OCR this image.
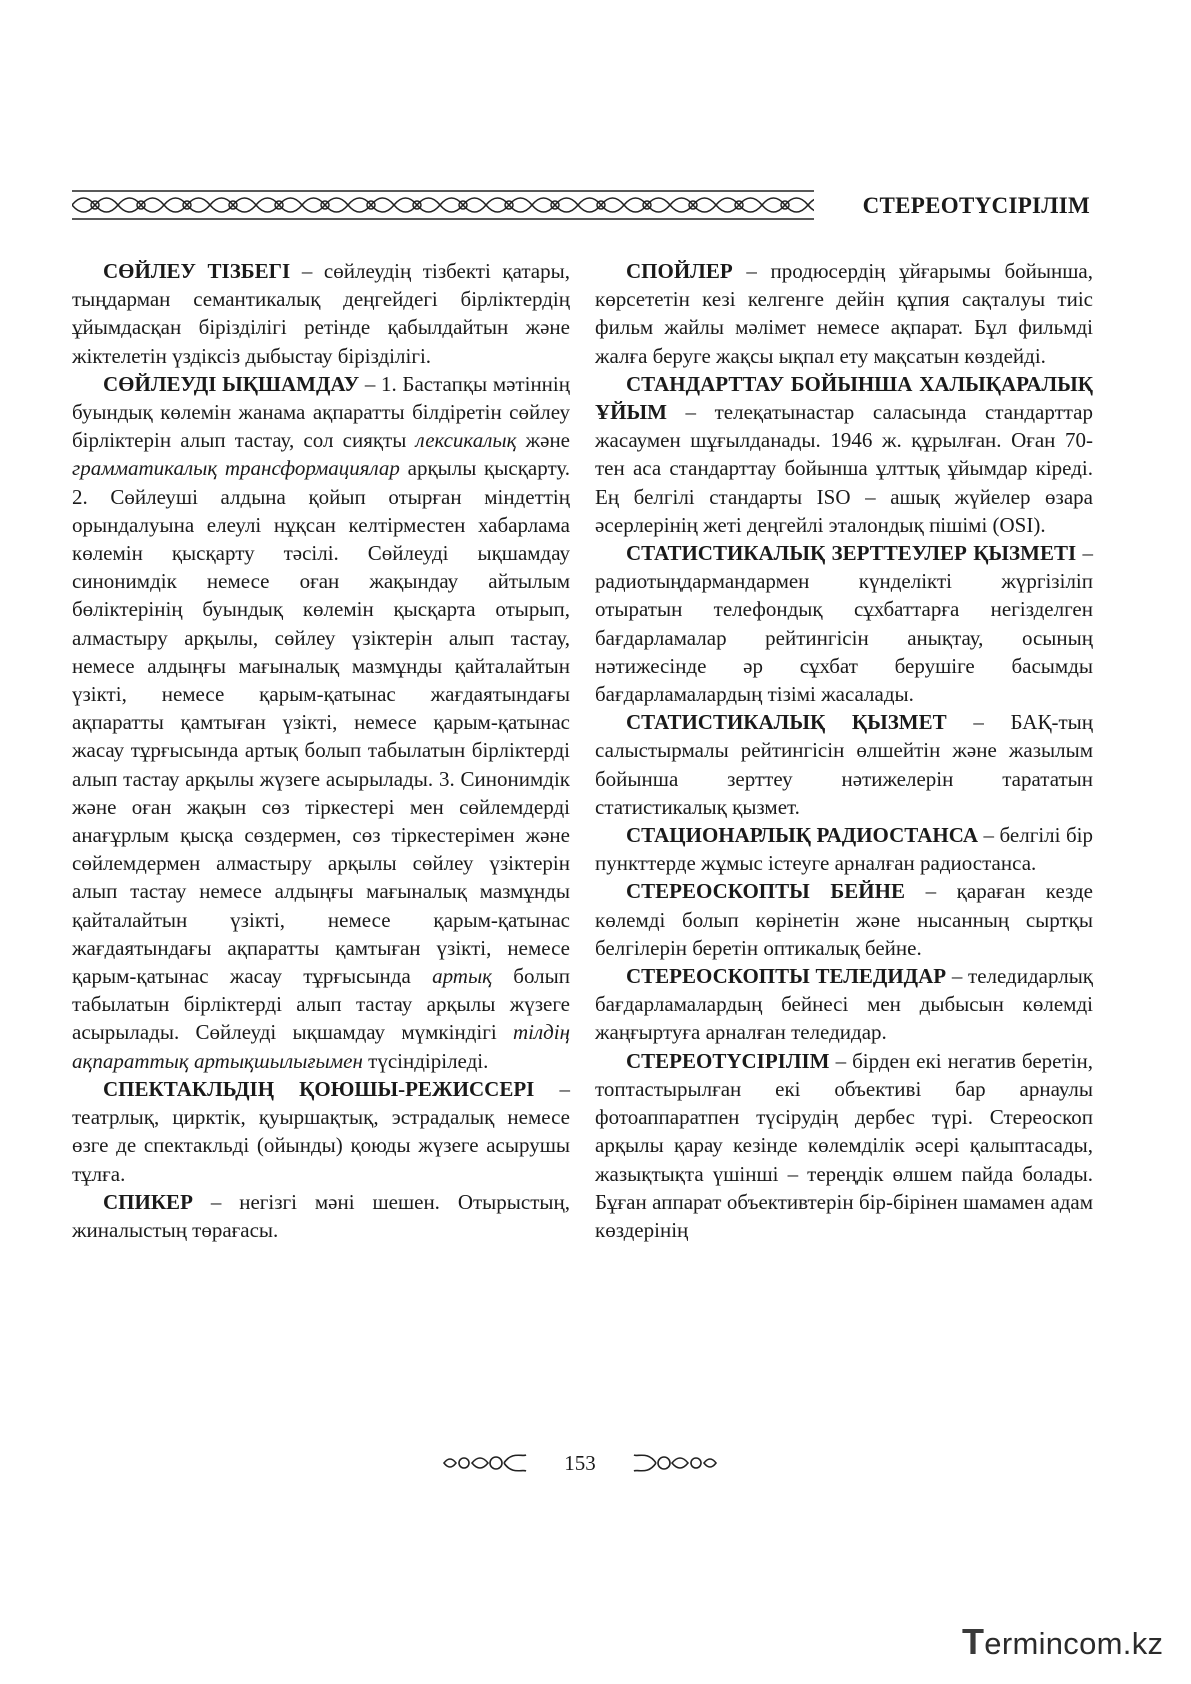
СТЕРЕОТҮСІРІЛІМ

СӨЙЛЕУ ТІЗБЕГІ – сөйлеудің тізбекті қатары, тыңдарман семантикалық деңгейдегі бірліктердің ұйымдасқан бірізділігі ретінде қабылдайтын және жіктелетін үздіксіз дыбыстау бірізділігі.

СӨЙЛЕУДІ ЫҚШАМДАУ – 1. Бастапқы мәтіннің буындық көлемін жанама ақпаратты білдіретін сөйлеу бірліктерін алып тастау, сол сияқты лексикалық және грамматикалық трансформациялар арқылы қысқарту. 2. Сөйлеуші алдына қойып отырған міндеттің орындалуына елеулі нұқсан келтірместен хабарлама көлемін қысқарту тәсілі. Сөйлеуді ықшамдау синонимдік немесе оған жақындау айтылым бөліктерінің буындық көлемін қысқарта отырып, алмастыру арқылы, сөйлеу үзіктерін алып тастау, немесе алдыңғы мағыналық мазмұнды қайталайтын үзікті, немесе қарым-қатынас жағдаятындағы ақпаратты қамтыған үзікті, немесе қарым-қатынас жасау тұрғысында артық болып табылатын бірліктерді алып тастау арқылы жүзеге асырылады. 3. Синонимдік және оған жақын сөз тіркестері мен сөйлемдерді анағұрлым қысқа сөздермен, сөз тіркестерімен және сөйлемдермен алмастыру арқылы сөйлеу үзіктерін алып тастау немесе алдыңғы мағыналық мазмұнды қайталайтын үзікті, немесе қарым-қатынас жағдаятындағы ақпаратты қамтыған үзікті, немесе қарым-қатынас жасау тұрғысында артық болып табылатын бірліктерді алып тастау арқылы жүзеге асырылады. Сөйлеуді ықшамдау мүмкіндігі тілдің ақпараттық артықшылығымен түсіндіріледі.

СПЕКТАКЛЬДІҢ ҚОЮШЫ-РЕЖИССЕРІ – театрлық, цирктік, қуыршақтық, эстрадалық немесе өзге де спектакльді (ойынды) қоюды жүзеге асырушы тұлға.

СПИКЕР – негізгі мәні шешен. Отырыстың, жиналыстың төрағасы.

СПОЙЛЕР – продюсердің ұйғарымы бойынша, көрсететін кезі келгенге дейін құпия сақталуы тиіс фильм жайлы мәлімет немесе ақпарат. Бұл фильмді жалға беруге жақсы ықпал ету мақсатын көздейді.

СТАНДАРТТАУ БОЙЫНША ХАЛЫҚАРАЛЫҚ ҰЙЫМ – телеқатынастар саласында стандарттар жасаумен шұғылданады. 1946 ж. құрылған. Оған 70-тен аса стандарттау бойынша ұлттық ұйымдар кіреді. Ең белгілі стандарты ISO – ашық жүйелер өзара әсерлерінің жеті деңгейлі эталондық пішімі (OSI).

СТАТИСТИКАЛЫҚ ЗЕРТТЕУЛЕР ҚЫЗМЕТІ – радиотыңдармандармен күнделікті жүргізіліп отыратын телефондық сұхбаттарға негізделген бағдарламалар рейтингісін анықтау, осының нәтижесінде әр сұхбат берушіге басымды бағдарламалардың тізімі жасалады.

СТАТИСТИКАЛЫҚ ҚЫЗМЕТ – БАҚ-тың салыстырмалы рейтингісін өлшейтін және жазылым бойынша зерттеу нәтижелерін тарататын статистикалық қызмет.

СТАЦИОНАРЛЫҚ РАДИОСТАНСА – белгілі бір пункттерде жұмыс істеуге арналған радиостанса.

СТЕРЕОСКОПТЫ БЕЙНЕ – қараған кезде көлемді болып көрінетін және нысанның сыртқы белгілерін беретін оптикалық бейне.

СТЕРЕОСКОПТЫ ТЕЛЕДИДАР – теледидарлық бағдарламалардың бейнесі мен дыбысын көлемді жаңғыртуға арналған теледидар.

СТЕРЕОТҮСІРІЛІМ – бірден екі негатив беретін, топтастырылған екі объективі бар арнаулы фотоаппаратпен түсірудің дербес түрі. Стереоскоп арқылы қарау кезінде көлемділік әсері қалыптасады, жазықтықта үшінші – тереңдік өлшем пайда болады. Бұған аппарат объективтерін бір-бірінен шамамен адам көздерінің

153
Termincom.kz
